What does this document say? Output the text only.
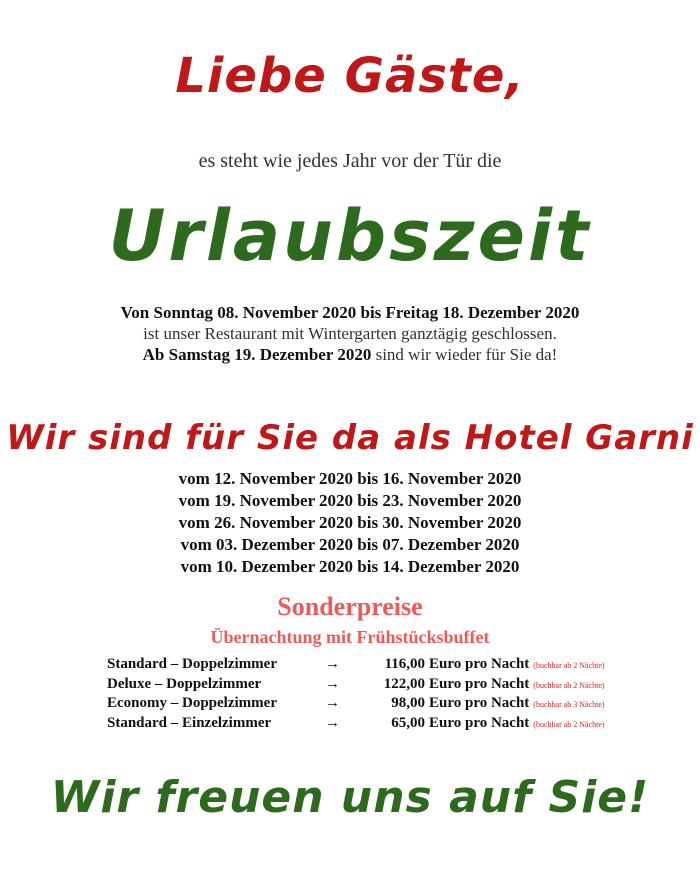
Liebe Gäste,
es steht wie jedes Jahr vor der Tür die
Urlaubszeit
Von Sonntag 08. November 2020 bis Freitag 18. Dezember 2020
ist unser Restaurant mit Wintergarten ganztägig geschlossen.
Ab Samstag 19. Dezember 2020 sind wir wieder für Sie da!
Wir sind für Sie da als Hotel Garni
vom 12. November 2020 bis 16. November 2020
vom 19. November 2020 bis 23. November 2020
vom 26. November 2020 bis 30. November 2020
vom 03. Dezember 2020 bis 07. Dezember 2020
vom 10. Dezember 2020 bis 14. Dezember 2020
Sonderpreise
Übernachtung mit Frühstücksbuffet
Standard – Doppelzimmer	→	116,00 Euro pro Nacht (buchbar ab 2 Nächte)
Deluxe – Doppelzimmer	→	122,00 Euro pro Nacht (buchbar ab 2 Nächte)
Economy – Doppelzimmer	→	98,00 Euro pro Nacht (buchbar ab 3 Nächte)
Standard – Einzelzimmer	→	65,00 Euro pro Nacht (buchbar ab 2 Nächte)
Wir freuen uns auf Sie!
